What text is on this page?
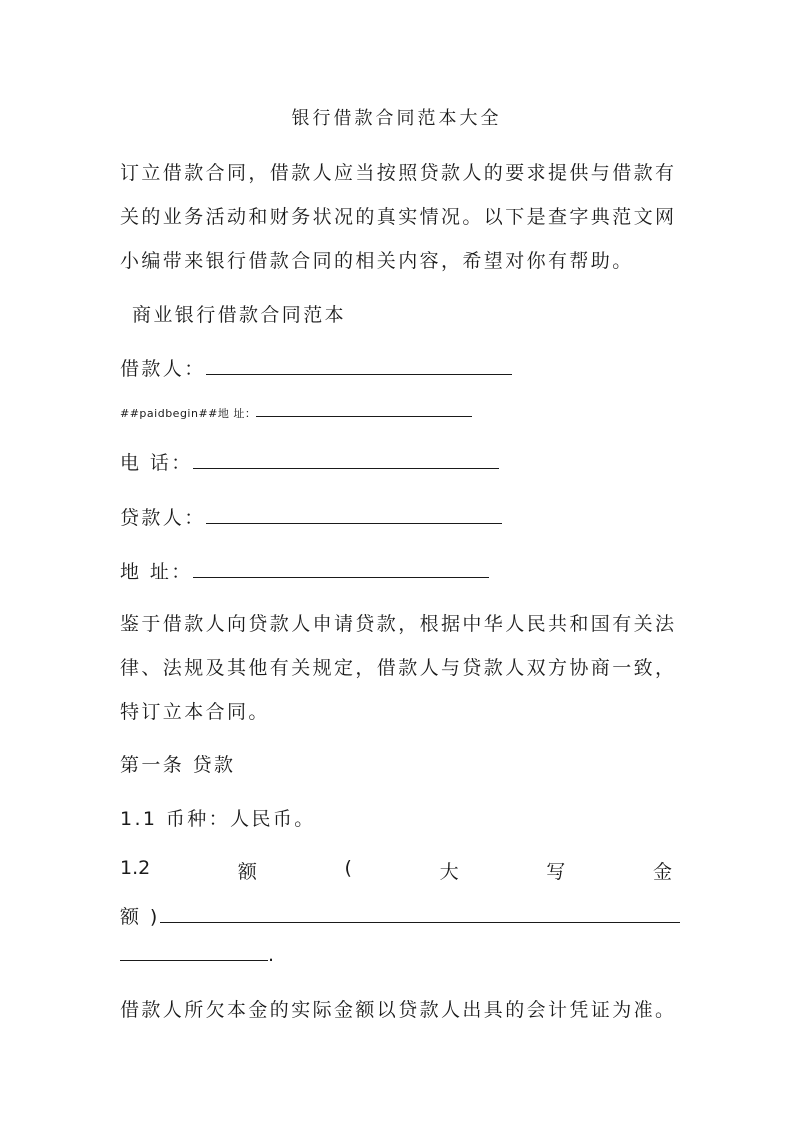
银行借款合同范本大全
订立借款合同，借款人应当按照贷款人的要求提供与借款有
关的业务活动和财务状况的真实情况。以下是查字典范文网
小编带来银行借款合同的相关内容，希望对你有帮助。
商业银行借款合同范本
借款人：
##paidbegin##地 址：
电 话：
贷款人：
地 址：
鉴于借款人向贷款人申请贷款，根据中华人民共和国有关法
律、法规及其他有关规定，借款人与贷款人双方协商一致，
特订立本合同。
第一条 贷款
1.1 币种：人民币。
1.2	额	(	大	写	金
额 )
.
借款人所欠本金的实际金额以贷款人出具的会计凭证为准。
